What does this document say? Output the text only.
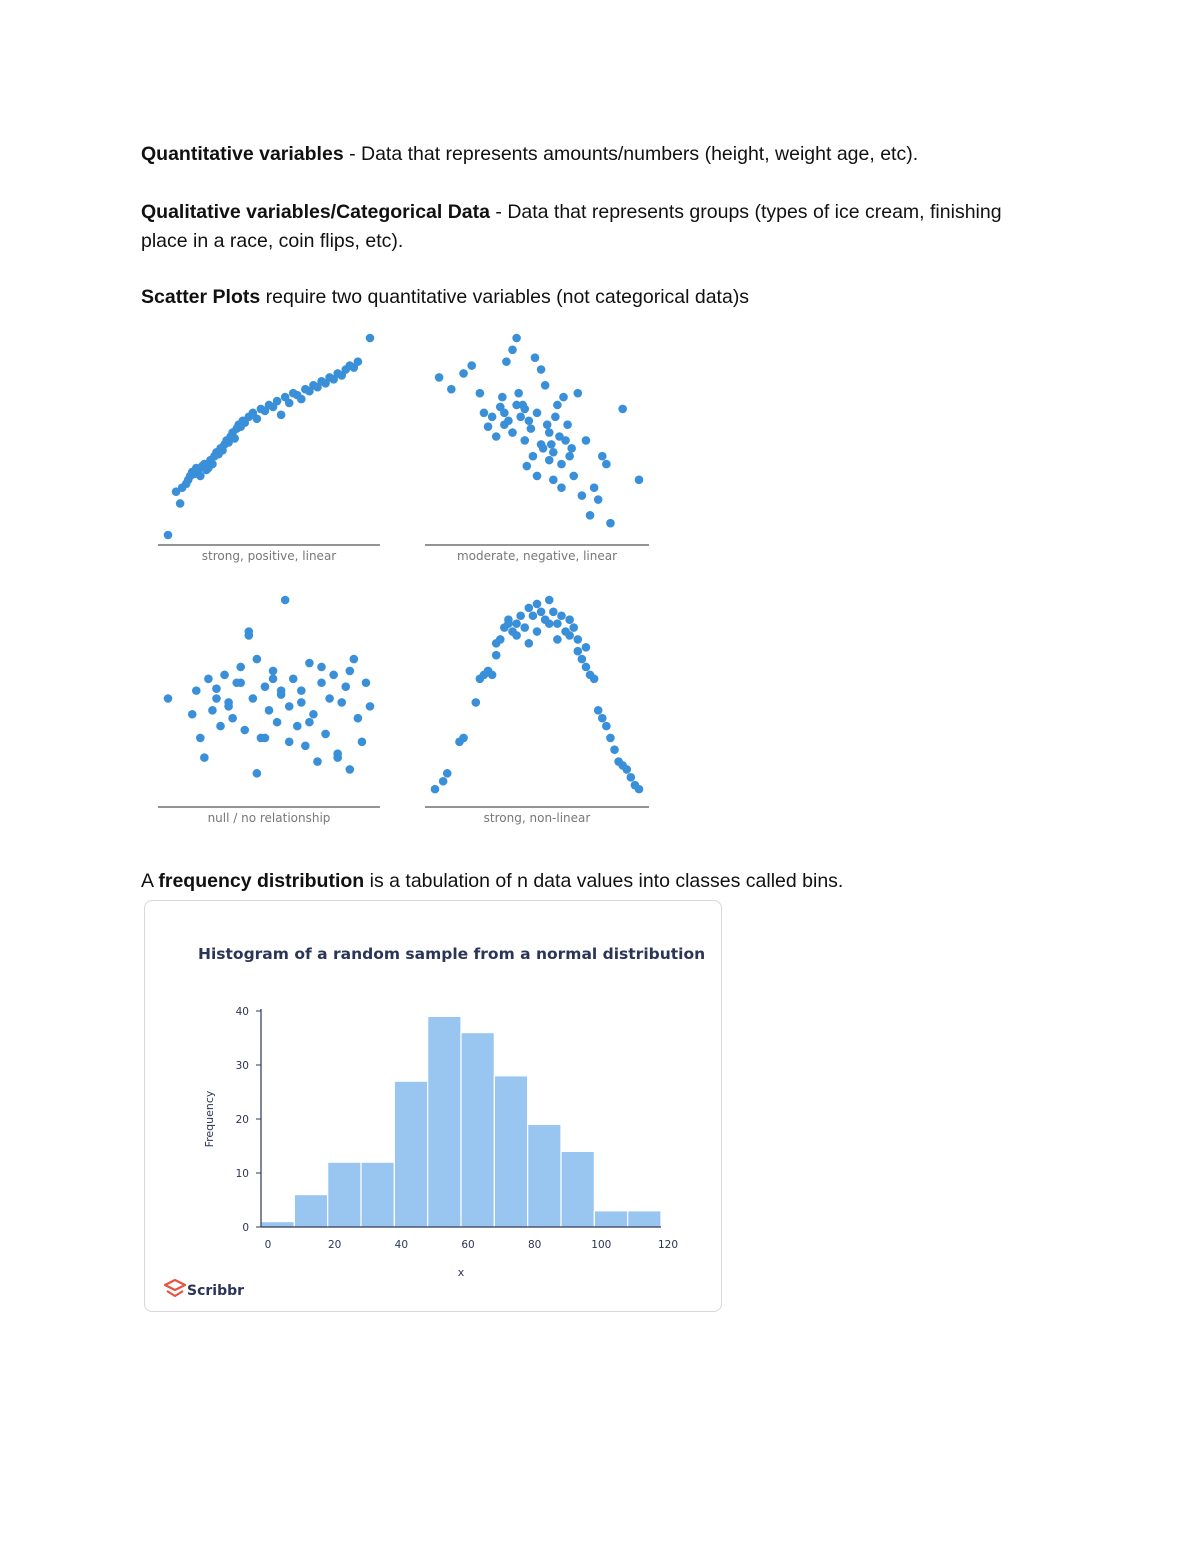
Quantitative variables - Data that represents amounts/numbers (height, weight age, etc).

Qualitative variables/Categorical Data - Data that represents groups (types of ice cream, finishing place in a race, coin flips, etc).

Scatter Plots require two quantitative variables (not categorical data)s

strong, positive, linear	moderate, negative, linear
null / no relationship	strong, non-linear

A frequency distribution is a tabulation of n data values into classes called bins.

Histogram of a random sample from a normal distribution
0
10
20
30
40
0	20	40	60	80	100	120
x
Frequency
Scribbr
